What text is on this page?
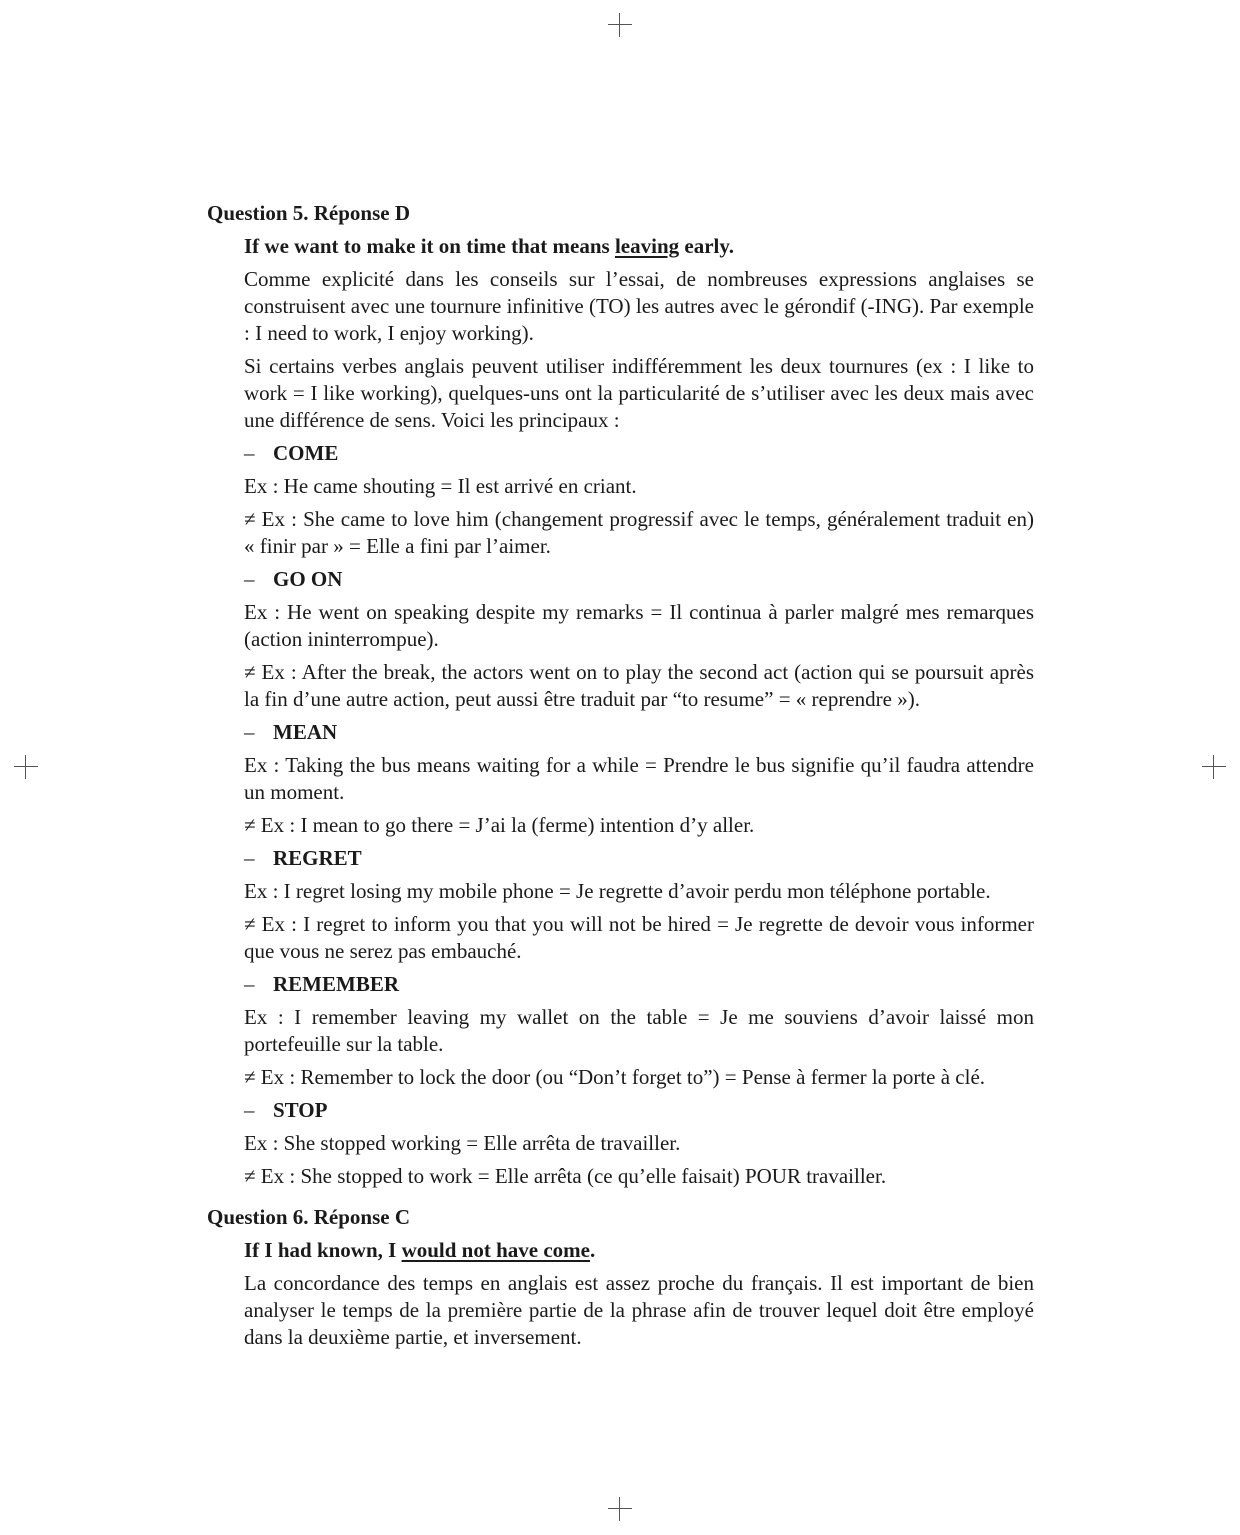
Question 5. Réponse D
If we want to make it on time that means leaving early.

Comme explicité dans les conseils sur l’essai, de nombreuses expressions anglaises se construisent avec une tournure infinitive (TO) les autres avec le gérondif (-ING). Par exemple : I need to work, I enjoy working).

Si certains verbes anglais peuvent utiliser indifféremment les deux tournures (ex : I like to work = I like working), quelques-uns ont la particularité de s’utiliser avec les deux mais avec une différence de sens. Voici les principaux :

– COME

Ex : He came shouting = Il est arrivé en criant.

≠ Ex : She came to love him (changement progressif avec le temps, généralement traduit en) « finir par » = Elle a fini par l’aimer.

– GO ON

Ex : He went on speaking despite my remarks = Il continua à parler malgré mes remarques (action ininterrompue).

≠ Ex : After the break, the actors went on to play the second act (action qui se poursuit après la fin d’une autre action, peut aussi être traduit par “to resume” = « reprendre »).

– MEAN

Ex : Taking the bus means waiting for a while = Prendre le bus signifie qu’il faudra attendre un moment.

≠ Ex : I mean to go there = J’ai la (ferme) intention d’y aller.

– REGRET

Ex : I regret losing my mobile phone = Je regrette d’avoir perdu mon téléphone portable.

≠ Ex : I regret to inform you that you will not be hired = Je regrette de devoir vous informer que vous ne serez pas embauché.

– REMEMBER

Ex : I remember leaving my wallet on the table = Je me souviens d’avoir laissé mon portefeuille sur la table.

≠ Ex : Remember to lock the door (ou “Don’t forget to”) = Pense à fermer la porte à clé.

– STOP

Ex : She stopped working = Elle arrêta de travailler.

≠ Ex : She stopped to work = Elle arrêta (ce qu’elle faisait) POUR travailler.

Question 6. Réponse C
If I had known, I would not have come.

La concordance des temps en anglais est assez proche du français. Il est important de bien analyser le temps de la première partie de la phrase afin de trouver lequel doit être employé dans la deuxième partie, et inversement.
